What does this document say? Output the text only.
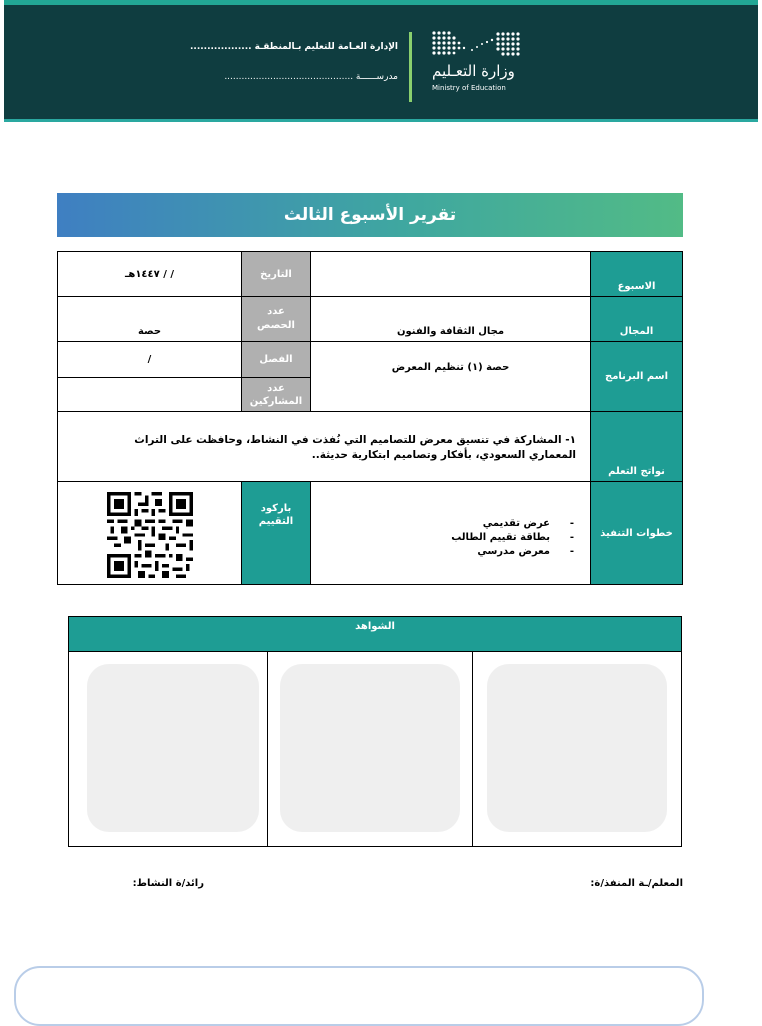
وزارة التعـليم
Ministry of Education
الإدارة العـامة للتعليم بـالمنطقـة ..................
مدرســــــة .............................................
تقرير الأسبوع الثالث
الاسبوع
التاريخ
/ / ١٤٤٧هـ
المجال
مجال الثقافة والفنون
عدد الحصص
حصة
اسم البرنامج
حصة (١) تنظيم المعرض
الفصل
/
عدد المشاركين
نواتج التعلم
١- المشاركة في تنسيق معرض للتصاميم التي نُفذت في النشاط، وحافظت على التراث المعماري السعودي، بأفكار وتصاميم ابتكارية حديثة..
خطوات التنفيذ
باركود التقييم	-
عرض تقديمي
-
بطاقة تقييم الطالب
-
معرض مدرسي
الشواهد
المعلم/ـة المنفذ/ة:
رائد/ة النشاط:
